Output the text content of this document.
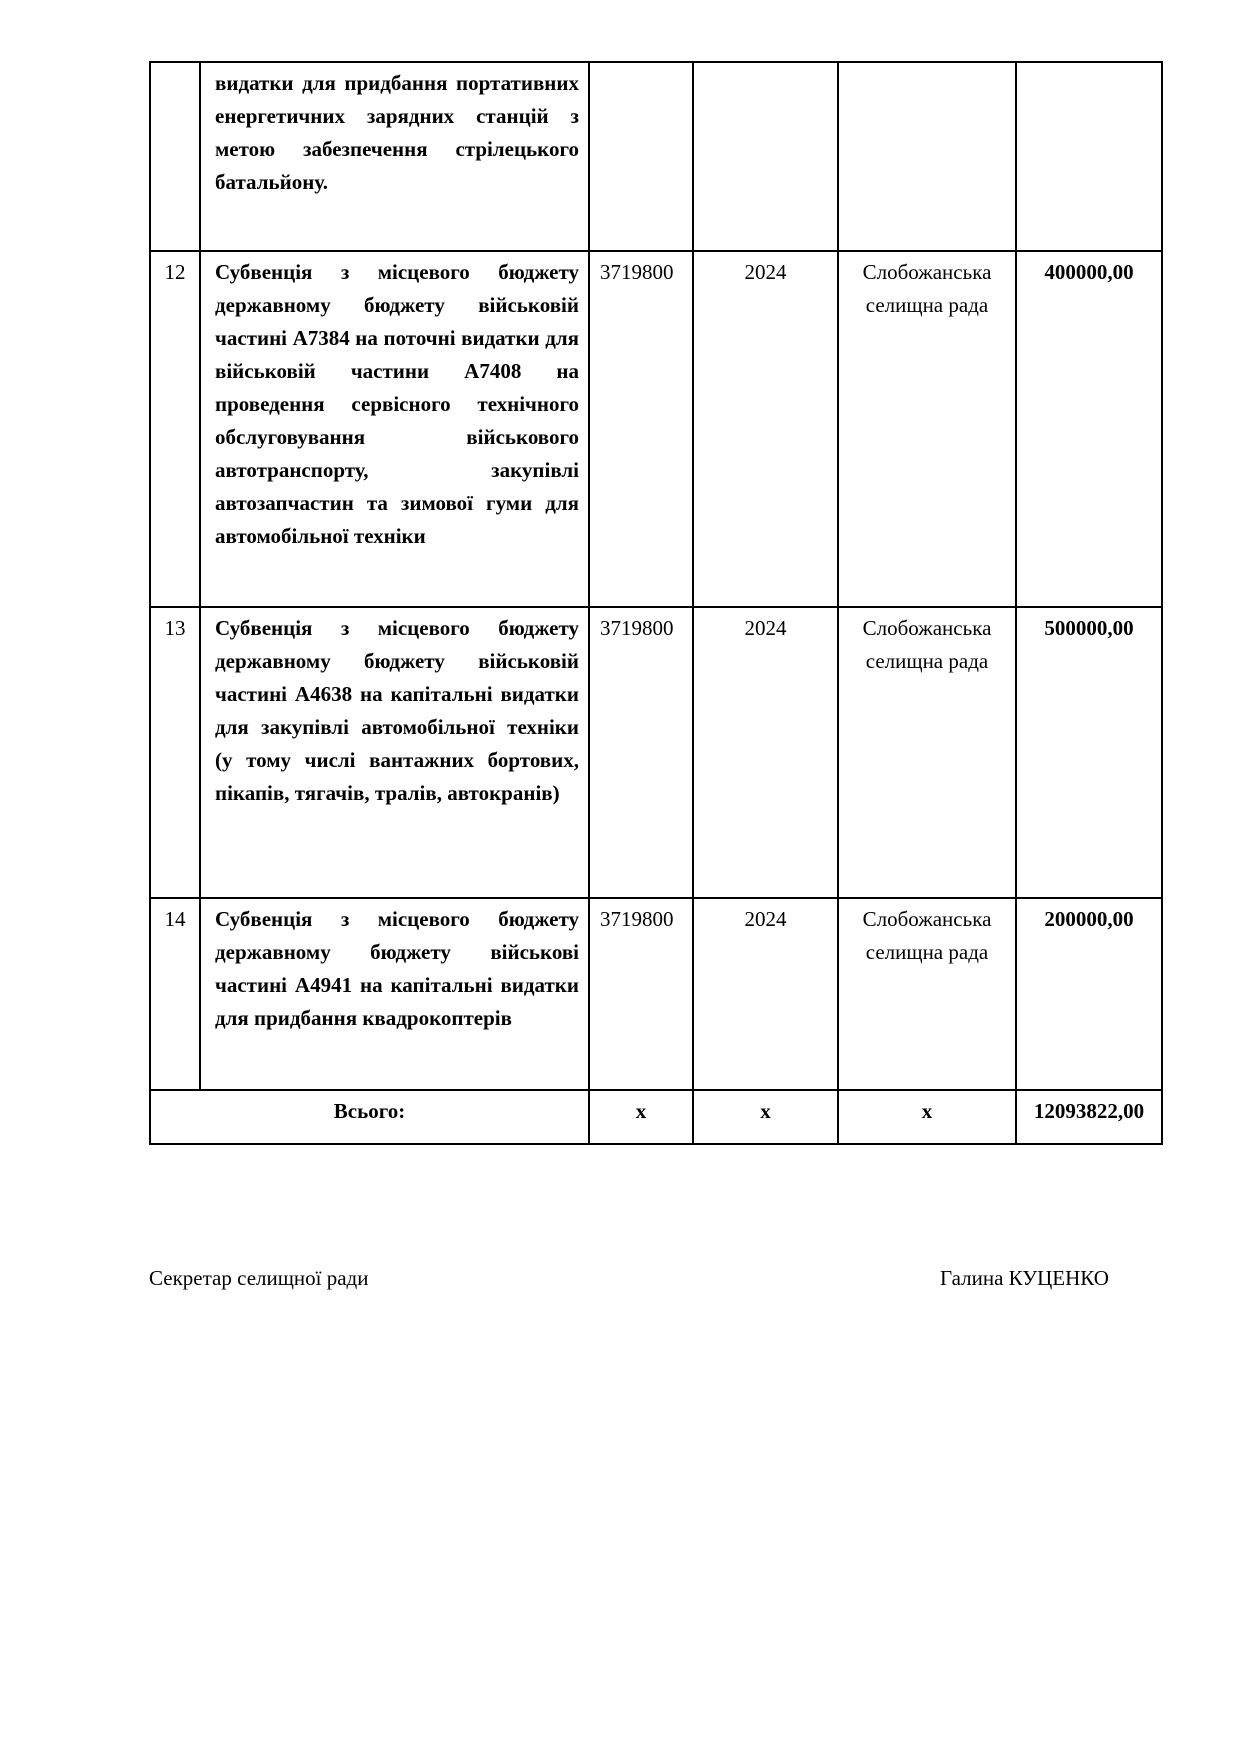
	видатки для придбання портативних енергетичних зарядних станцій з метою забезпечення стрілецького батальйону.				
12	Субвенція з місцевого бюджету державному бюджету військовій частині А7384 на поточні видатки для військовій частини А7408 на проведення сервісного технічного обслуговування військового автотранспорту, закупівлі автозапчастин та зимової гуми для автомобільної техніки	3719800	2024	Слобожанська селищна рада	400000,00
13	Субвенція з місцевого бюджету державному бюджету військовій частині А4638 на капітальні видатки для закупівлі автомобільної техніки (у тому числі вантажних бортових, пікапів, тягачів, тралів, автокранів)	3719800	2024	Слобожанська селищна рада	500000,00
14	Субвенція з місцевого бюджету державному бюджету військові частині А4941 на капітальні видатки для придбання квадрокоптерів	3719800	2024	Слобожанська селищна рада	200000,00
Всього:		х	х	х	12093822,00
Секретар селищної ради	Галина КУЦЕНКО
